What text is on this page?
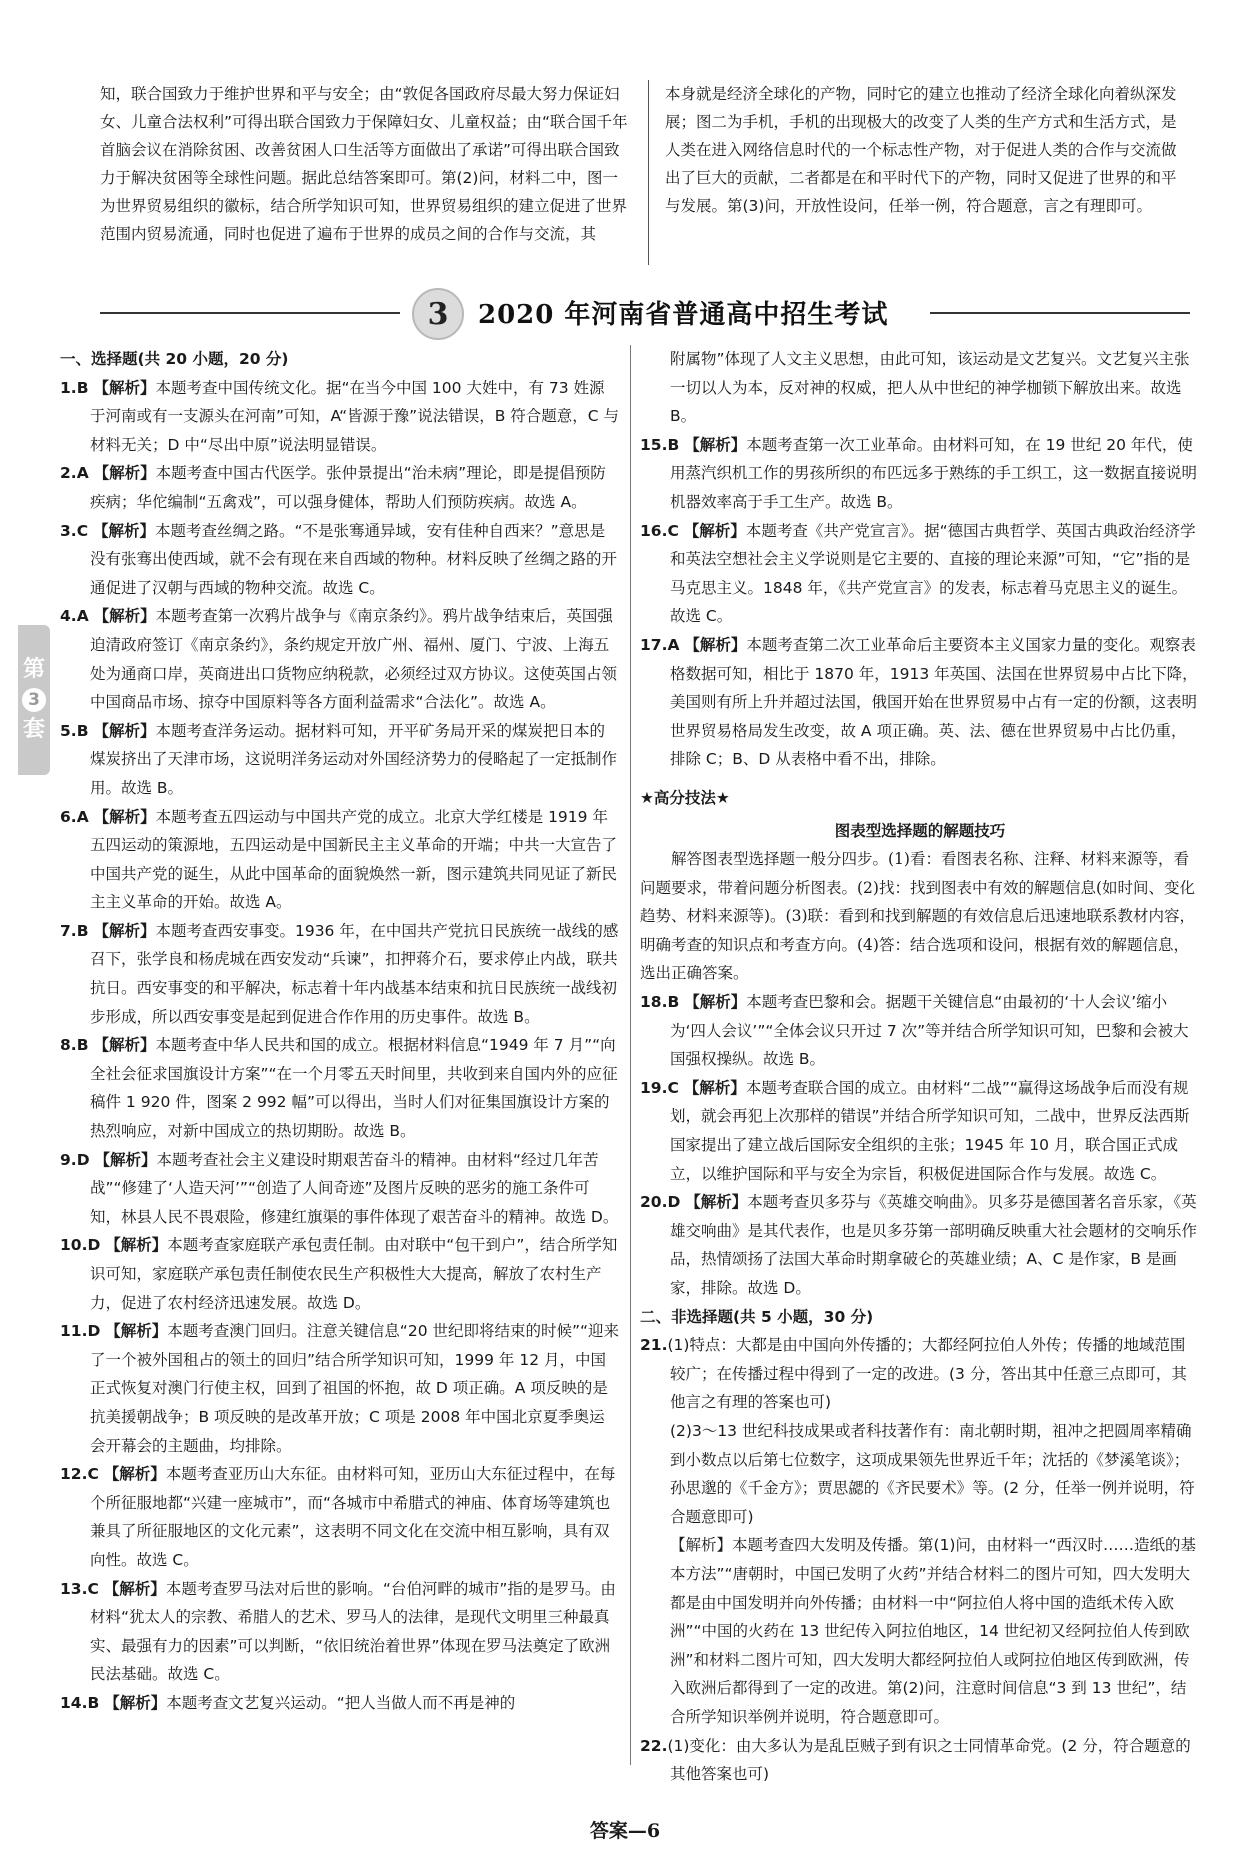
知，联合国致力于维护世界和平与安全；由“敦促各国政府尽最大努力保证妇女、儿童合法权利”可得出联合国致力于保障妇女、儿童权益；由“联合国千年首脑会议在消除贫困、改善贫困人口生活等方面做出了承诺”可得出联合国致力于解决贫困等全球性问题。据此总结答案即可。第(2)问，材料二中，图一为世界贸易组织的徽标，结合所学知识可知，世界贸易组织的建立促进了世界范围内贸易流通，同时也促进了遍布于世界的成员之间的合作与交流，其

本身就是经济全球化的产物，同时它的建立也推动了经济全球化向着纵深发展；图二为手机，手机的出现极大的改变了人类的生产方式和生活方式，是人类在进入网络信息时代的一个标志性产物，对于促进人类的合作与交流做出了巨大的贡献，二者都是在和平时代下的产物，同时又促进了世界的和平与发展。第(3)问，开放性设问，任举一例，符合题意，言之有理即可。

3	2020 年河南省普通高中招生考试
第
3
套

一、选择题(共 20 小题，20 分)

1.B 【解析】本题考查中国传统文化。据“在当今中国 100 大姓中，有 73 姓源于河南或有一支源头在河南”可知，A“皆源于豫”说法错误，B 符合题意，C 与材料无关；D 中“尽出中原”说法明显错误。

2.A 【解析】本题考查中国古代医学。张仲景提出“治未病”理论，即是提倡预防疾病；华佗编制“五禽戏”，可以强身健体，帮助人们预防疾病。故选 A。

3.C 【解析】本题考查丝绸之路。“不是张骞通异域，安有佳种自西来？”意思是没有张骞出使西域，就不会有现在来自西域的物种。材料反映了丝绸之路的开通促进了汉朝与西域的物种交流。故选 C。

4.A 【解析】本题考查第一次鸦片战争与《南京条约》。鸦片战争结束后，英国强迫清政府签订《南京条约》，条约规定开放广州、福州、厦门、宁波、上海五处为通商口岸，英商进出口货物应纳税款，必须经过双方协议。这使英国占领中国商品市场、掠夺中国原料等各方面利益需求“合法化”。故选 A。

5.B 【解析】本题考查洋务运动。据材料可知，开平矿务局开采的煤炭把日本的煤炭挤出了天津市场，这说明洋务运动对外国经济势力的侵略起了一定抵制作用。故选 B。

6.A 【解析】本题考查五四运动与中国共产党的成立。北京大学红楼是 1919 年五四运动的策源地，五四运动是中国新民主主义革命的开端；中共一大宣告了中国共产党的诞生，从此中国革命的面貌焕然一新，图示建筑共同见证了新民主主义革命的开始。故选 A。

7.B 【解析】本题考查西安事变。1936 年，在中国共产党抗日民族统一战线的感召下，张学良和杨虎城在西安发动“兵谏”，扣押蒋介石，要求停止内战，联共抗日。西安事变的和平解决，标志着十年内战基本结束和抗日民族统一战线初步形成，所以西安事变是起到促进合作作用的历史事件。故选 B。

8.B 【解析】本题考查中华人民共和国的成立。根据材料信息“1949 年 7 月”“向全社会征求国旗设计方案”“在一个月零五天时间里，共收到来自国内外的应征稿件 1 920 件，图案 2 992 幅”可以得出，当时人们对征集国旗设计方案的热烈响应，对新中国成立的热切期盼。故选 B。

9.D 【解析】本题考查社会主义建设时期艰苦奋斗的精神。由材料“经过几年苦战”“修建了‘人造天河’”“创造了人间奇迹”及图片反映的恶劣的施工条件可知，林县人民不畏艰险，修建红旗渠的事件体现了艰苦奋斗的精神。故选 D。

10.D 【解析】本题考查家庭联产承包责任制。由对联中“包干到户”，结合所学知识可知，家庭联产承包责任制使农民生产积极性大大提高，解放了农村生产力，促进了农村经济迅速发展。故选 D。

11.D 【解析】本题考查澳门回归。注意关键信息“20 世纪即将结束的时候”“迎来了一个被外国租占的领土的回归”结合所学知识可知，1999 年 12 月，中国正式恢复对澳门行使主权，回到了祖国的怀抱，故 D 项正确。A 项反映的是抗美援朝战争；B 项反映的是改革开放；C 项是 2008 年中国北京夏季奥运会开幕会的主题曲，均排除。

12.C 【解析】本题考查亚历山大东征。由材料可知，亚历山大东征过程中，在每个所征服地都“兴建一座城市”，而“各城市中希腊式的神庙、体育场等建筑也兼具了所征服地区的文化元素”，这表明不同文化在交流中相互影响，具有双向性。故选 C。

13.C 【解析】本题考查罗马法对后世的影响。“台伯河畔的城市”指的是罗马。由材料“犹太人的宗教、希腊人的艺术、罗马人的法律，是现代文明里三种最真实、最强有力的因素”可以判断，“依旧统治着世界”体现在罗马法奠定了欧洲民法基础。故选 C。

14.B 【解析】本题考查文艺复兴运动。“把人当做人而不再是神的

附属物”体现了人文主义思想，由此可知，该运动是文艺复兴。文艺复兴主张一切以人为本，反对神的权威，把人从中世纪的神学枷锁下解放出来。故选 B。

15.B 【解析】本题考查第一次工业革命。由材料可知，在 19 世纪 20 年代，使用蒸汽织机工作的男孩所织的布匹远多于熟练的手工织工，这一数据直接说明机器效率高于手工生产。故选 B。

16.C 【解析】本题考查《共产党宣言》。据“德国古典哲学、英国古典政治经济学和英法空想社会主义学说则是它主要的、直接的理论来源”可知，“它”指的是马克思主义。1848 年，《共产党宣言》的发表，标志着马克思主义的诞生。故选 C。

17.A 【解析】本题考查第二次工业革命后主要资本主义国家力量的变化。观察表格数据可知，相比于 1870 年，1913 年英国、法国在世界贸易中占比下降，美国则有所上升并超过法国，俄国开始在世界贸易中占有一定的份额，这表明世界贸易格局发生改变，故 A 项正确。英、法、德在世界贸易中占比仍重，排除 C；B、D 从表格中看不出，排除。

★高分技法★

图表型选择题的解题技巧

解答图表型选择题一般分四步。(1)看：看图表名称、注释、材料来源等，看问题要求，带着问题分析图表。(2)找：找到图表中有效的解题信息(如时间、变化趋势、材料来源等)。(3)联：看到和找到解题的有效信息后迅速地联系教材内容，明确考查的知识点和考查方向。(4)答：结合选项和设问，根据有效的解题信息，选出正确答案。

18.B 【解析】本题考查巴黎和会。据题干关键信息“由最初的‘十人会议’缩小为‘四人会议’”“全体会议只开过 7 次”等并结合所学知识可知，巴黎和会被大国强权操纵。故选 B。

19.C 【解析】本题考查联合国的成立。由材料“二战”“赢得这场战争后而没有规划，就会再犯上次那样的错误”并结合所学知识可知，二战中，世界反法西斯国家提出了建立战后国际安全组织的主张；1945 年 10 月，联合国正式成立，以维护国际和平与安全为宗旨，积极促进国际合作与发展。故选 C。

20.D 【解析】本题考查贝多芬与《英雄交响曲》。贝多芬是德国著名音乐家，《英雄交响曲》是其代表作，也是贝多芬第一部明确反映重大社会题材的交响乐作品，热情颂扬了法国大革命时期拿破仑的英雄业绩；A、C 是作家，B 是画家，排除。故选 D。

二、非选择题(共 5 小题，30 分)

21.(1)特点：大都是由中国向外传播的；大都经阿拉伯人外传；传播的地域范围较广；在传播过程中得到了一定的改进。(3 分，答出其中任意三点即可，其他言之有理的答案也可)

(2)3～13 世纪科技成果或者科技著作有：南北朝时期，祖冲之把圆周率精确到小数点以后第七位数字，这项成果领先世界近千年；沈括的《梦溪笔谈》；孙思邈的《千金方》；贾思勰的《齐民要术》等。(2 分，任举一例并说明，符合题意即可)

【解析】本题考查四大发明及传播。第(1)问，由材料一“西汉时……造纸的基本方法”“唐朝时，中国已发明了火药”并结合材料二的图片可知，四大发明大都是由中国发明并向外传播；由材料一中“阿拉伯人将中国的造纸术传入欧洲”“中国的火药在 13 世纪传入阿拉伯地区，14 世纪初又经阿拉伯人传到欧洲”和材料二图片可知，四大发明大都经阿拉伯人或阿拉伯地区传到欧洲，传入欧洲后都得到了一定的改进。第(2)问，注意时间信息“3 到 13 世纪”，结合所学知识举例并说明，符合题意即可。

22.(1)变化：由大多认为是乱臣贼子到有识之士同情革命党。(2 分，符合题意的其他答案也可)

答案—6
